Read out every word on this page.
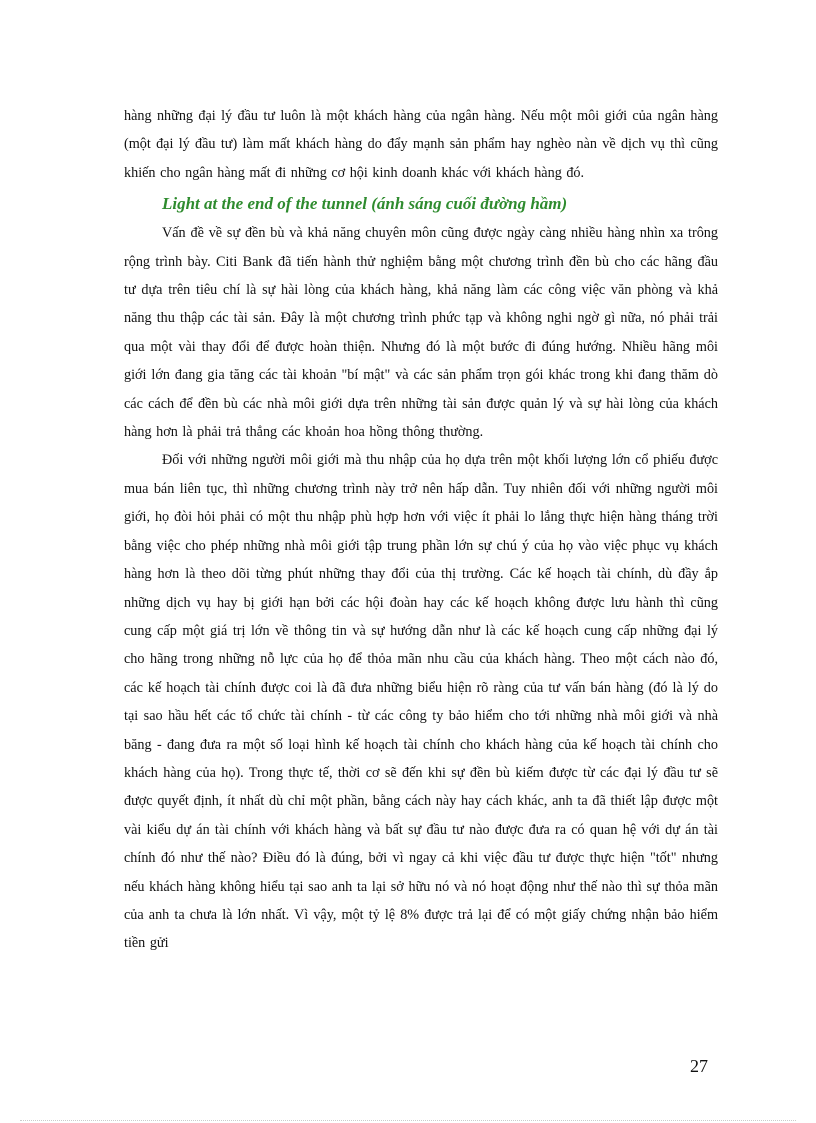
hàng những đại lý đầu tư luôn là một khách hàng của ngân hàng. Nếu một môi giới của ngân hàng (một đại lý đầu tư) làm mất khách hàng do đẩy mạnh sản phẩm hay nghèo nàn về dịch vụ thì cũng khiến cho ngân hàng mất đi những cơ hội kinh doanh khác với khách hàng đó.

Light at the end of the tunnel (ánh sáng cuối đường hầm)

Vấn đề về sự đền bù và khả năng chuyên môn cũng được ngày càng nhiều hàng nhìn xa trông rộng trình bày. Citi Bank đã tiến hành thử nghiệm bằng một chương trình đền bù cho các hãng đầu tư dựa trên tiêu chí là sự hài lòng của khách hàng, khả năng làm các công việc văn phòng và khả năng thu thập các tài sản. Đây là một chương trình phức tạp và không nghi ngờ gì nữa, nó phải trải qua một vài thay đổi để được hoàn thiện. Nhưng đó là một bước đi đúng hướng. Nhiều hãng môi giới lớn đang gia tăng các tài khoản "bí mật" và các sản phẩm trọn gói khác trong khi đang thăm dò các cách để đền bù các nhà môi giới dựa trên những tài sản được quản lý và sự hài lòng của khách hàng hơn là phải trả thẳng các khoản hoa hồng thông thường.

Đối với những người môi giới mà thu nhập của họ dựa trên một khối lượng lớn cổ phiếu được mua bán liên tục, thì những chương trình này trở nên hấp dẫn. Tuy nhiên đối với những người môi giới, họ đòi hỏi phải có một thu nhập phù hợp hơn với việc ít phải lo lắng thực hiện hàng tháng trời bằng việc cho phép những nhà môi giới tập trung phần lớn sự chú ý của họ vào việc phục vụ khách hàng hơn là theo dõi từng phút những thay đổi của thị trường. Các kế hoạch tài chính, dù đầy ắp những dịch vụ hay bị giới hạn bởi các hội đoàn hay các kế hoạch không được lưu hành thì cũng cung cấp một giá trị lớn về thông tin và sự hướng dẫn như là các kế hoạch cung cấp những đại lý cho hãng trong những nỗ lực của họ để thỏa mãn nhu cầu của khách hàng. Theo một cách nào đó, các kế hoạch tài chính được coi là đã đưa những biểu hiện rõ ràng của tư vấn bán hàng (đó là lý do tại sao hầu hết các tổ chức tài chính - từ các công ty bảo hiểm cho tới những nhà môi giới và nhà băng - đang đưa ra một số loại hình kế hoạch tài chính cho khách hàng của kế hoạch tài chính cho khách hàng của họ). Trong thực tế, thời cơ sẽ đến khi sự đền bù kiếm được từ các đại lý đầu tư sẽ được quyết định, ít nhất dù chỉ một phần, bằng cách này hay cách khác, anh ta đã thiết lập được một vài kiểu dự án tài chính với khách hàng và bất sự đầu tư nào được đưa ra có quan hệ với dự án tài chính đó như thế nào? Điều đó là đúng, bởi vì ngay cả khi việc đầu tư được thực hiện "tốt" nhưng nếu khách hàng không hiểu tại sao anh ta lại sở hữu nó và nó hoạt động như thế nào thì sự thỏa mãn của anh ta chưa là lớn nhất. Vì vậy, một tỷ lệ 8% được trả lại để có một giấy chứng nhận bảo hiểm tiền gửi

27
